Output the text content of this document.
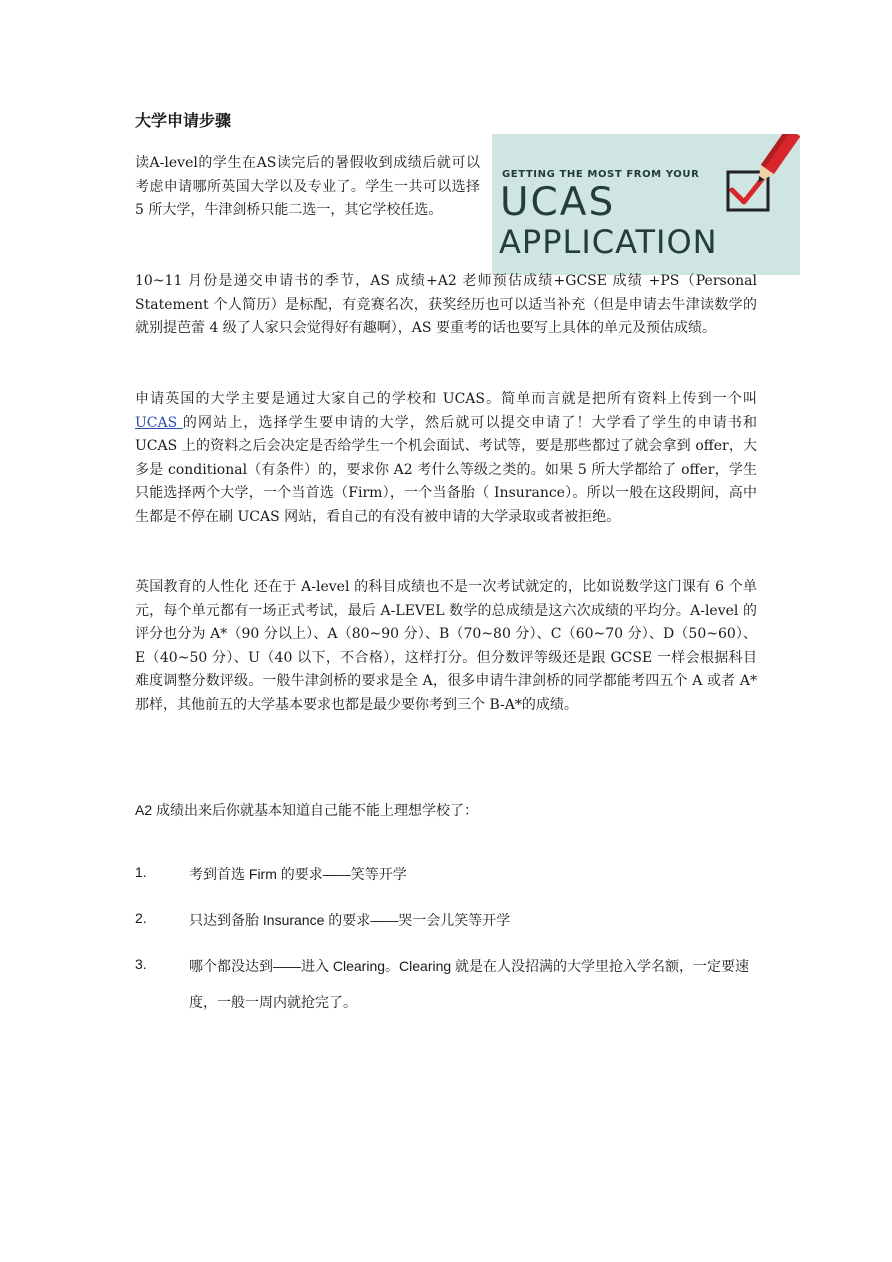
大学申请步骤

读A-level的学生在AS读完后的暑假收到成绩后就可以考虑申请哪所英国大学以及专业了。学生一共可以选择 5 所大学，牛津剑桥只能二选一，其它学校任选。

GETTING THE MOST FROM YOUR
UCAS
APPLICATION

10~11 月份是递交申请书的季节，AS 成绩+A2 老师预估成绩+GCSE 成绩 +PS（Personal Statement 个人简历）是标配，有竞赛名次，获奖经历也可以适当补充（但是申请去牛津读数学的就别提芭蕾 4 级了人家只会觉得好有趣啊），AS 要重考的话也要写上具体的单元及预估成绩。

申请英国的大学主要是通过大家自己的学校和 UCAS。简单而言就是把所有资料上传到一个叫 UCAS 的网站上，选择学生要申请的大学，然后就可以提交申请了！大学看了学生的申请书和 UCAS 上的资料之后会决定是否给学生一个机会面试、考试等，要是那些都过了就会拿到 offer，大多是 conditional（有条件）的，要求你 A2 考什么等级之类的。如果 5 所大学都给了 offer，学生只能选择两个大学，一个当首选（Firm），一个当备胎（ Insurance）。所以一般在这段期间，高中生都是不停在刷 UCAS 网站，看自己的有没有被申请的大学录取或者被拒绝。

英国教育的人性化 还在于 A-level 的科目成绩也不是一次考试就定的，比如说数学这门课有 6 个单元，每个单元都有一场正式考试，最后 A-LEVEL 数学的总成绩是这六次成绩的平均分。A-level 的评分也分为 A*（90 分以上）、A（80~90 分）、B（70~80 分）、C（60~70 分）、D（50~60）、E（40~50 分）、U（40 以下，不合格），这样打分。但分数评等级还是跟 GCSE 一样会根据科目难度调整分数评级。一般牛津剑桥的要求是全 A，很多申请牛津剑桥的同学都能考四五个 A 或者 A*那样，其他前五的大学基本要求也都是最少要你考到三个 B-A*的成绩。

A2 成绩出来后你就基本知道自己能不能上理想学校了：
1.	考到首选 Firm 的要求——笑等开学
2.	只达到备胎 Insurance 的要求——哭一会儿笑等开学
3.	哪个都没达到——进入 Clearing。Clearing 就是在人没招满的大学里抢入学名额，一定要速度，一般一周内就抢完了。
